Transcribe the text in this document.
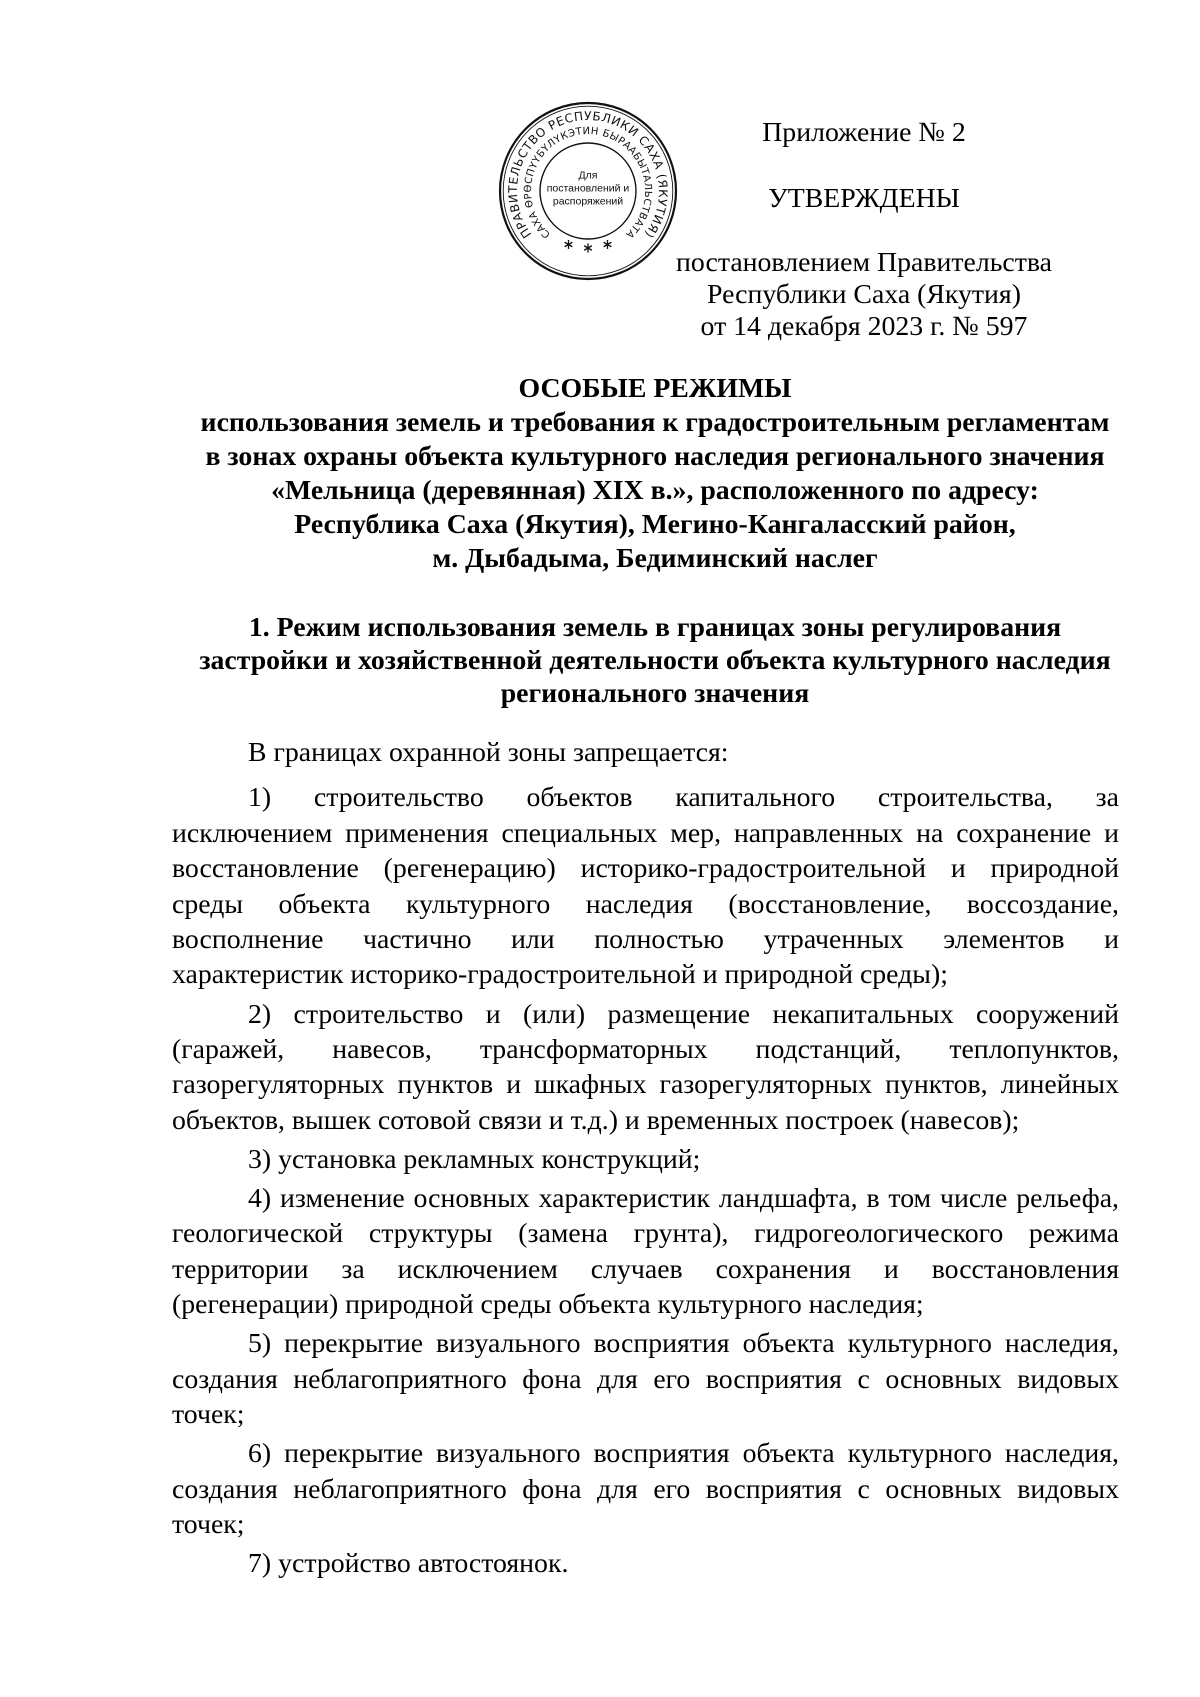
ПРАВИТЕЛЬСТВО РЕСПУБЛИКИ САХА (ЯКУТИЯ)
САХА ӨРӨСПҮҮБҮЛҮКЭТИН БЫРААБЫТАЛЬСТВАТА
Для
постановлений и
распоряжений
Приложение № 2
УТВЕРЖДЕНЫ
постановлением Правительства
Республики Саха (Якутия)
от 14 декабря 2023 г. № 597
ОСОБЫЕ РЕЖИМЫ
использования земель и требования к градостроительным регламентам
в зонах охраны объекта культурного наследия регионального значения
«Мельница (деревянная) XIX в.», расположенного по адресу:
Республика Саха (Якутия), Мегино-Кангаласский район,
м. Дыбадыма, Бедиминский наслег
1. Режим использования земель в границах зоны регулирования
застройки и хозяйственной деятельности объекта культурного наследия
регионального значения
В границах охранной зоны запрещается:
1) строительство объектов капитального строительства, за
исключением применения специальных мер, направленных на сохранение и
восстановление (регенерацию) историко-градостроительной и природной
среды объекта культурного наследия (восстановление, воссоздание,
восполнение частично или полностью утраченных элементов и
характеристик историко-градостроительной и природной среды);
2) строительство и (или) размещение некапитальных сооружений
(гаражей, навесов, трансформаторных подстанций, теплопунктов,
газорегуляторных пунктов и шкафных газорегуляторных пунктов, линейных
объектов, вышек сотовой связи и т.д.) и временных построек (навесов);
3) установка рекламных конструкций;
4) изменение основных характеристик ландшафта, в том числе рельефа,
геологической структуры (замена грунта), гидрогеологического режима
территории за исключением случаев сохранения и восстановления
(регенерации) природной среды объекта культурного наследия;
5) перекрытие визуального восприятия объекта культурного наследия,
создания неблагоприятного фона для его восприятия с основных видовых
точек;
6) перекрытие визуального восприятия объекта культурного наследия,
создания неблагоприятного фона для его восприятия с основных видовых
точек;
7) устройство автостоянок.
